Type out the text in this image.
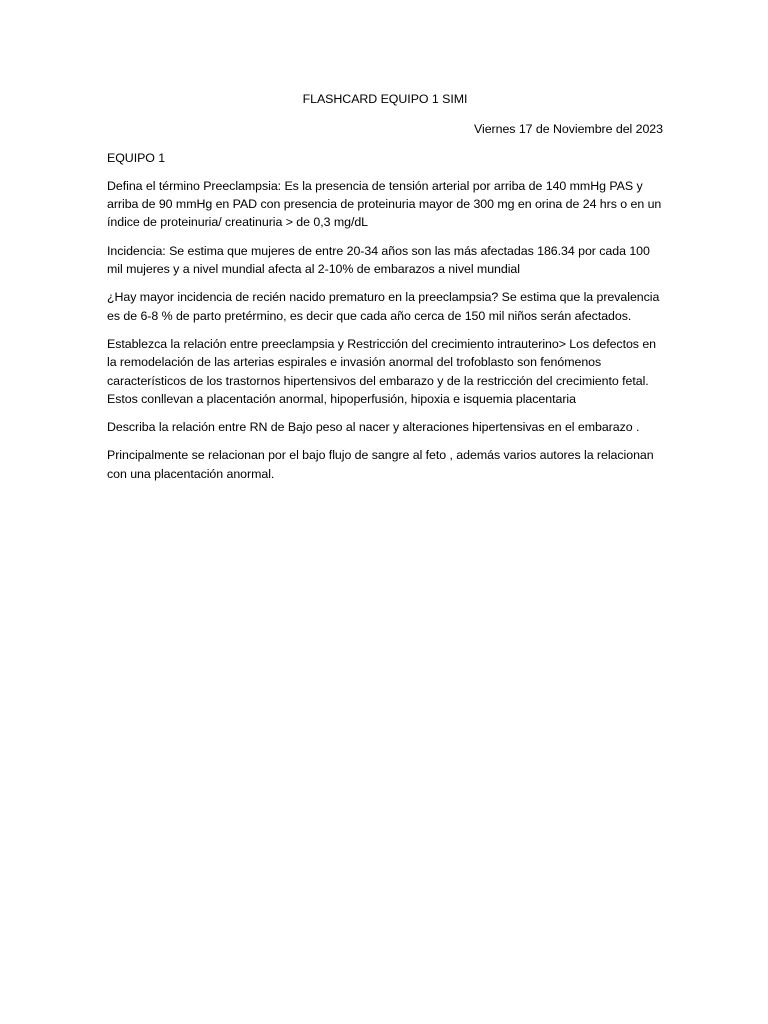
FLASHCARD EQUIPO 1 SIMI
Viernes 17 de Noviembre del 2023
EQUIPO 1
Defina el término Preeclampsia: Es la presencia de tensión arterial por arriba de 140 mmHg PAS y arriba de 90 mmHg en PAD con presencia de proteinuria mayor de 300 mg en orina de 24 hrs o en un índice de proteinuria/ creatinuria > de 0,3 mg/dL
Incidencia: Se estima que mujeres de entre 20-34 años son las más afectadas 186.34 por cada 100 mil mujeres y a nivel mundial afecta al 2-10% de embarazos a nivel mundial
¿Hay mayor incidencia de recién nacido prematuro en la preeclampsia? Se estima que la prevalencia es de 6-8 % de parto pretérmino, es decir que cada año cerca de 150 mil niños serán afectados.
Establezca la relación entre preeclampsia y Restricción del crecimiento intrauterino> Los defectos en la remodelación de las arterias espirales e invasión anormal del trofoblasto son fenómenos característicos de los trastornos hipertensivos del embarazo y de la restricción del crecimiento fetal. Estos conllevan a placentación anormal, hipoperfusión, hipoxia e isquemia placentaria
Describa la relación entre RN de Bajo peso al nacer y alteraciones hipertensivas en el embarazo .
Principalmente se relacionan por el bajo flujo de sangre al feto , además varios autores la relacionan con una placentación anormal.
